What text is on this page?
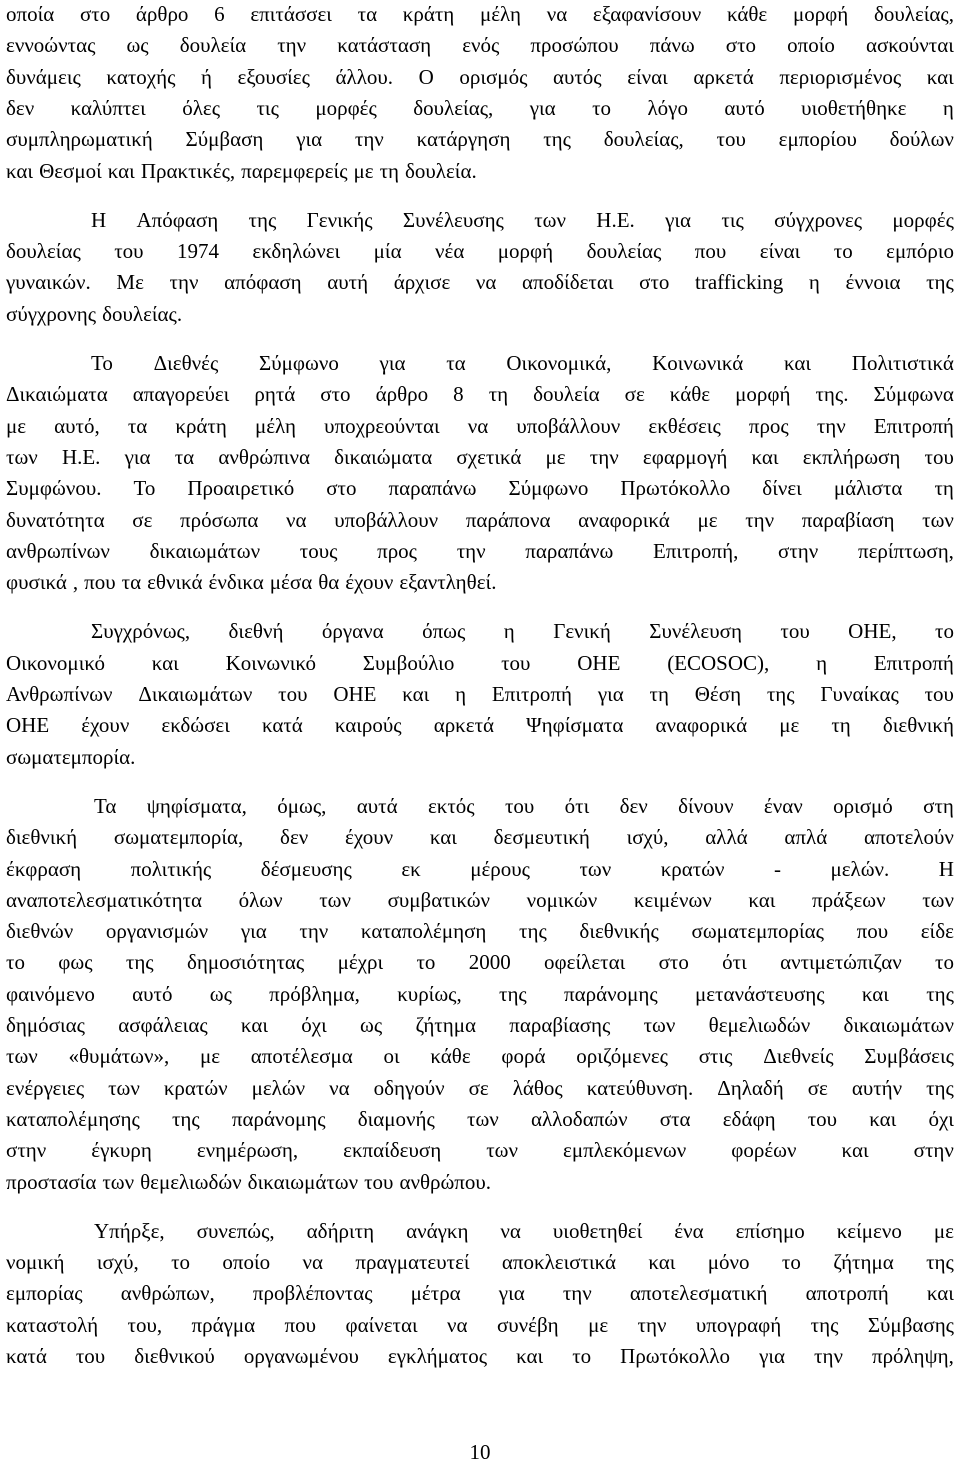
οποία στο άρθρο 6 επιτάσσει τα κράτη μέλη να εξαφανίσουν κάθε μορφή δουλείας,
εννοώντας ως δουλεία την κατάσταση ενός προσώπου πάνω στο οποίο ασκούνται
δυνάμεις κατοχής ή εξουσίες άλλου. Ο ορισμός αυτός είναι αρκετά περιορισμένος και
δεν καλύπτει όλες τις μορφές δουλείας, για το λόγο αυτό υιοθετήθηκε η
συμπληρωματική Σύμβαση για την κατάργηση της δουλείας, του εμπορίου δούλων
και Θεσμοί και Πρακτικές, παρεμφερείς με τη δουλεία.
Η Απόφαση της Γενικής Συνέλευσης των Η.Ε. για τις σύγχρονες μορφές
δουλείας του 1974 εκδηλώνει μία νέα μορφή δουλείας που είναι το εμπόριο
γυναικών. Με την απόφαση αυτή άρχισε να αποδίδεται στο trafficking η έννοια της
σύγχρονης δουλείας.
Το Διεθνές Σύμφωνο για τα Οικονομικά, Κοινωνικά και Πολιτιστικά
Δικαιώματα απαγορεύει ρητά στο άρθρο 8 τη δουλεία σε κάθε μορφή της. Σύμφωνα
με αυτό, τα κράτη μέλη υποχρεούνται να υποβάλλουν εκθέσεις προς την Επιτροπή
των Η.Ε. για τα ανθρώπινα δικαιώματα σχετικά με την εφαρμογή και εκπλήρωση του
Συμφώνου. Το Προαιρετικό στο παραπάνω Σύμφωνο Πρωτόκολλο δίνει μάλιστα τη
δυνατότητα σε πρόσωπα να υποβάλλουν παράπονα αναφορικά με την παραβίαση των
ανθρωπίνων δικαιωμάτων τους προς την παραπάνω Επιτροπή, στην περίπτωση,
φυσικά , που τα εθνικά ένδικα μέσα θα έχουν εξαντληθεί.
Συγχρόνως, διεθνή όργανα όπως η Γενική Συνέλευση του ΟΗΕ, το
Οικονομικό και Κοινωνικό Συμβούλιο του ΟΗΕ (ECOSOC), η Επιτροπή
Ανθρωπίνων Δικαιωμάτων του ΟΗΕ και η Επιτροπή για τη Θέση της Γυναίκας του
ΟΗΕ έχουν εκδώσει κατά καιρούς αρκετά Ψηφίσματα αναφορικά με τη διεθνική
σωματεμπορία.
Τα ψηφίσματα, όμως, αυτά εκτός του ότι δεν δίνουν έναν ορισμό στη
διεθνική σωματεμπορία, δεν έχουν και δεσμευτική ισχύ, αλλά απλά αποτελούν
έκφραση πολιτικής δέσμευσης εκ μέρους των κρατών - μελών. Η
αναποτελεσματικότητα όλων των συμβατικών νομικών κειμένων και πράξεων των
διεθνών οργανισμών για την καταπολέμηση της διεθνικής σωματεμπορίας που είδε
το φως της δημοσιότητας μέχρι το 2000 οφείλεται στο ότι αντιμετώπιζαν το
φαινόμενο αυτό ως πρόβλημα, κυρίως, της παράνομης μετανάστευσης και της
δημόσιας ασφάλειας και όχι ως ζήτημα παραβίασης των θεμελιωδών δικαιωμάτων
των «θυμάτων», με αποτέλεσμα οι κάθε φορά οριζόμενες στις Διεθνείς Συμβάσεις
ενέργειες των κρατών μελών να οδηγούν σε λάθος κατεύθυνση. Δηλαδή σε αυτήν της
καταπολέμησης της παράνομης διαμονής των αλλοδαπών στα εδάφη του και όχι
στην έγκυρη ενημέρωση, εκπαίδευση των εμπλεκόμενων φορέων και στην
προστασία των θεμελιωδών δικαιωμάτων του ανθρώπου.
Υπήρξε, συνεπώς, αδήριτη ανάγκη να υιοθετηθεί ένα επίσημο κείμενο με
νομική ισχύ, το οποίο να πραγματευτεί αποκλειστικά και μόνο το ζήτημα της
εμπορίας ανθρώπων, προβλέποντας μέτρα για την αποτελεσματική αποτροπή και
καταστολή του, πράγμα που φαίνεται να συνέβη με την υπογραφή της Σύμβασης
κατά του διεθνικού οργανωμένου εγκλήματος και το Πρωτόκολλο για την πρόληψη,
10
